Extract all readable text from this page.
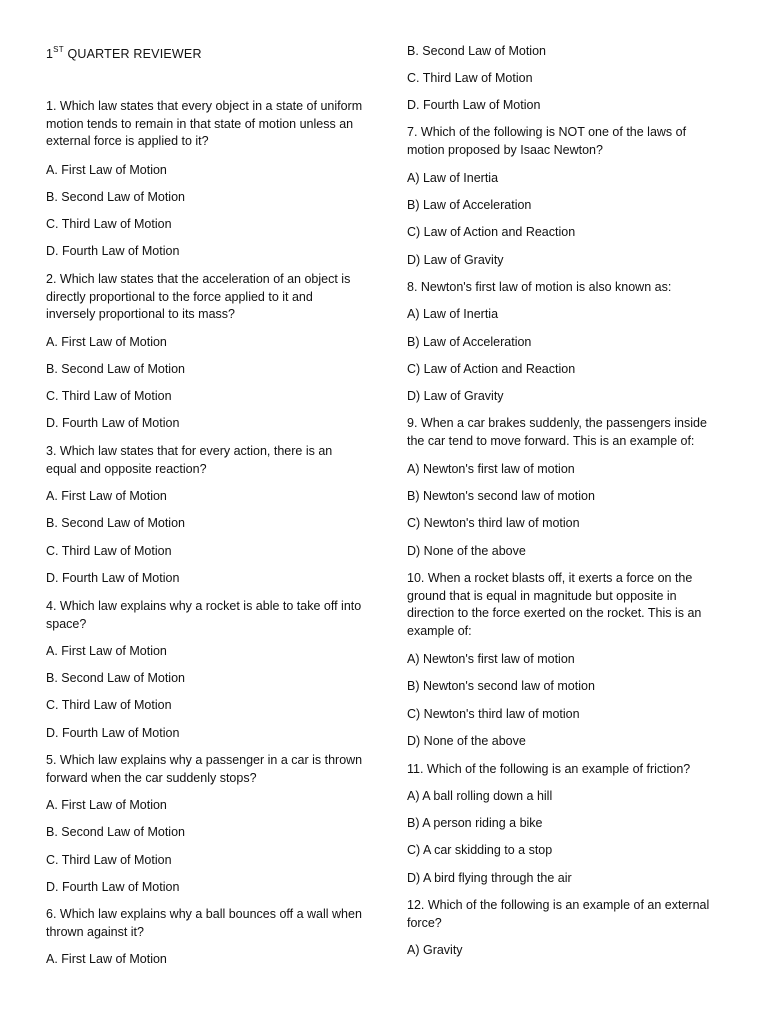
1ST QUARTER REVIEWER

1. Which law states that every object in a state of uniform motion tends to remain in that state of motion unless an external force is applied to it?

A. First Law of Motion

B. Second Law of Motion

C. Third Law of Motion

D. Fourth Law of Motion

2. Which law states that the acceleration of an object is directly proportional to the force applied to it and inversely proportional to its mass?

A. First Law of Motion

B. Second Law of Motion

C. Third Law of Motion

D. Fourth Law of Motion

3. Which law states that for every action, there is an equal and opposite reaction?

A. First Law of Motion

B. Second Law of Motion

C. Third Law of Motion

D. Fourth Law of Motion

4. Which law explains why a rocket is able to take off into space?

A. First Law of Motion

B. Second Law of Motion

C. Third Law of Motion

D. Fourth Law of Motion

5. Which law explains why a passenger in a car is thrown forward when the car suddenly stops?

A. First Law of Motion

B. Second Law of Motion

C. Third Law of Motion

D. Fourth Law of Motion

6. Which law explains why a ball bounces off a wall when thrown against it?

A. First Law of Motion

B. Second Law of Motion

C. Third Law of Motion

D. Fourth Law of Motion

7. Which of the following is NOT one of the laws of motion proposed by Isaac Newton?

A) Law of Inertia

B) Law of Acceleration

C) Law of Action and Reaction

D) Law of Gravity

8. Newton's first law of motion is also known as:

A) Law of Inertia

B) Law of Acceleration

C) Law of Action and Reaction

D) Law of Gravity

9. When a car brakes suddenly, the passengers inside the car tend to move forward. This is an example of:

A) Newton's first law of motion

B) Newton's second law of motion

C) Newton's third law of motion

D) None of the above

10. When a rocket blasts off, it exerts a force on the ground that is equal in magnitude but opposite in direction to the force exerted on the rocket. This is an example of:

A) Newton's first law of motion

B) Newton's second law of motion

C) Newton's third law of motion

D) None of the above

11. Which of the following is an example of friction?

A) A ball rolling down a hill

B) A person riding a bike

C) A car skidding to a stop

D) A bird flying through the air

12. Which of the following is an example of an external force?

A) Gravity
